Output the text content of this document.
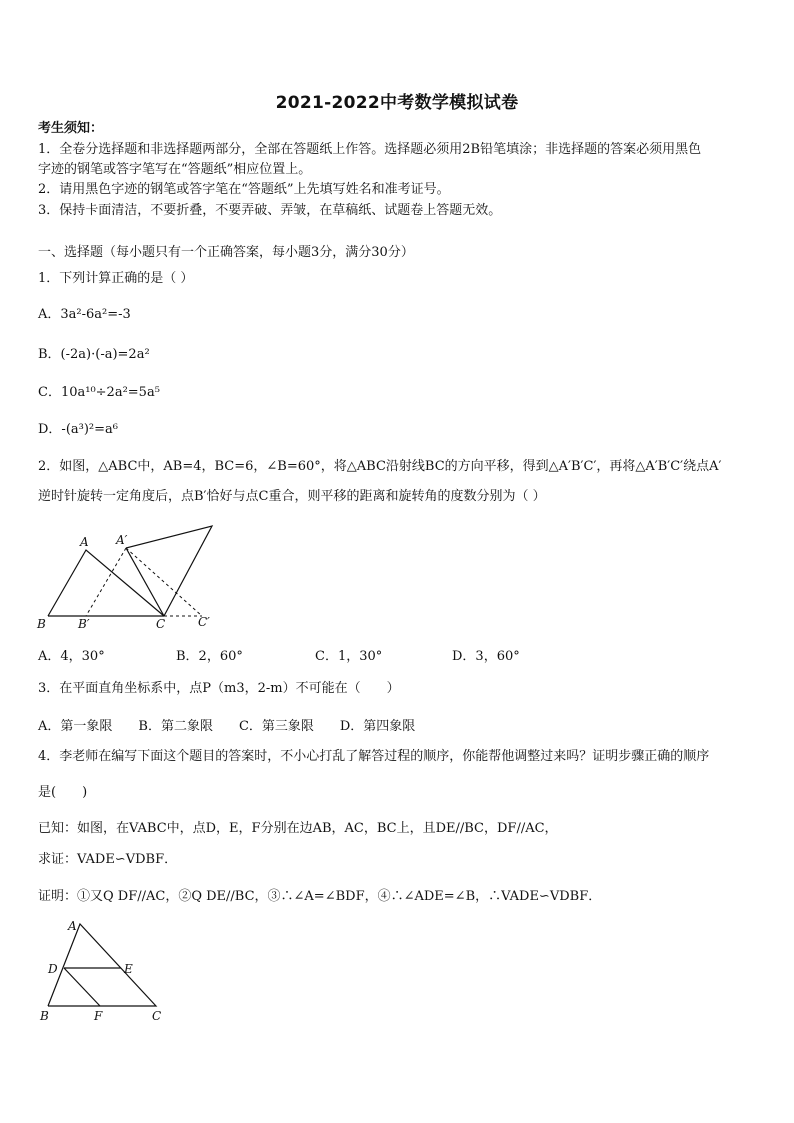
2021-2022中考数学模拟试卷
考生须知：
1．全卷分选择题和非选择题两部分，全部在答题纸上作答。选择题必须用2B铅笔填涂；非选择题的答案必须用黑色
字迹的钢笔或答字笔写在“答题纸”相应位置上。
2．请用黑色字迹的钢笔或答字笔在“答题纸”上先填写姓名和准考证号。
3．保持卡面清洁，不要折叠，不要弄破、弄皱，在草稿纸、试题卷上答题无效。
一、选择题（每小题只有一个正确答案，每小题3分，满分30分）
1．下列计算正确的是（ ）
A．3a²-6a²=-3
B．(-2a)·(-a)=2a²
C．10a¹⁰÷2a²=5a⁵
D．-(a³)²=a⁶
2．如图，△ABC中，AB=4，BC=6，∠B=60°，将△ABC沿射线BC的方向平移，得到△A′B′C′，再将△A′B′C′绕点A′
逆时针旋转一定角度后，点B′恰好与点C重合，则平移的距离和旋转角的度数分别为（ ）
A A′
B	B′	C	C′
A．4，30°	B．2，60°	C．1，30°	D．3，60°
3．在平面直角坐标系中，点P（m3，2-m）不可能在（　　）
A．第一象限　　B．第二象限　　C．第三象限　　D．第四象限
4．李老师在编写下面这个题目的答案时，不小心打乱了解答过程的顺序，你能帮他调整过来吗？证明步骤正确的顺序
是(　　)
已知：如图，在VABC中，点D，E，F分别在边AB，AC，BC上，且DE//BC，DF//AC，
求证：VADE∽VDBF．
证明：①又Q DF//AC，②Q DE//BC，③∴∠A=∠BDF，④∴∠ADE=∠B，∴VADE∽VDBF．
A
D	E
B	F	C
